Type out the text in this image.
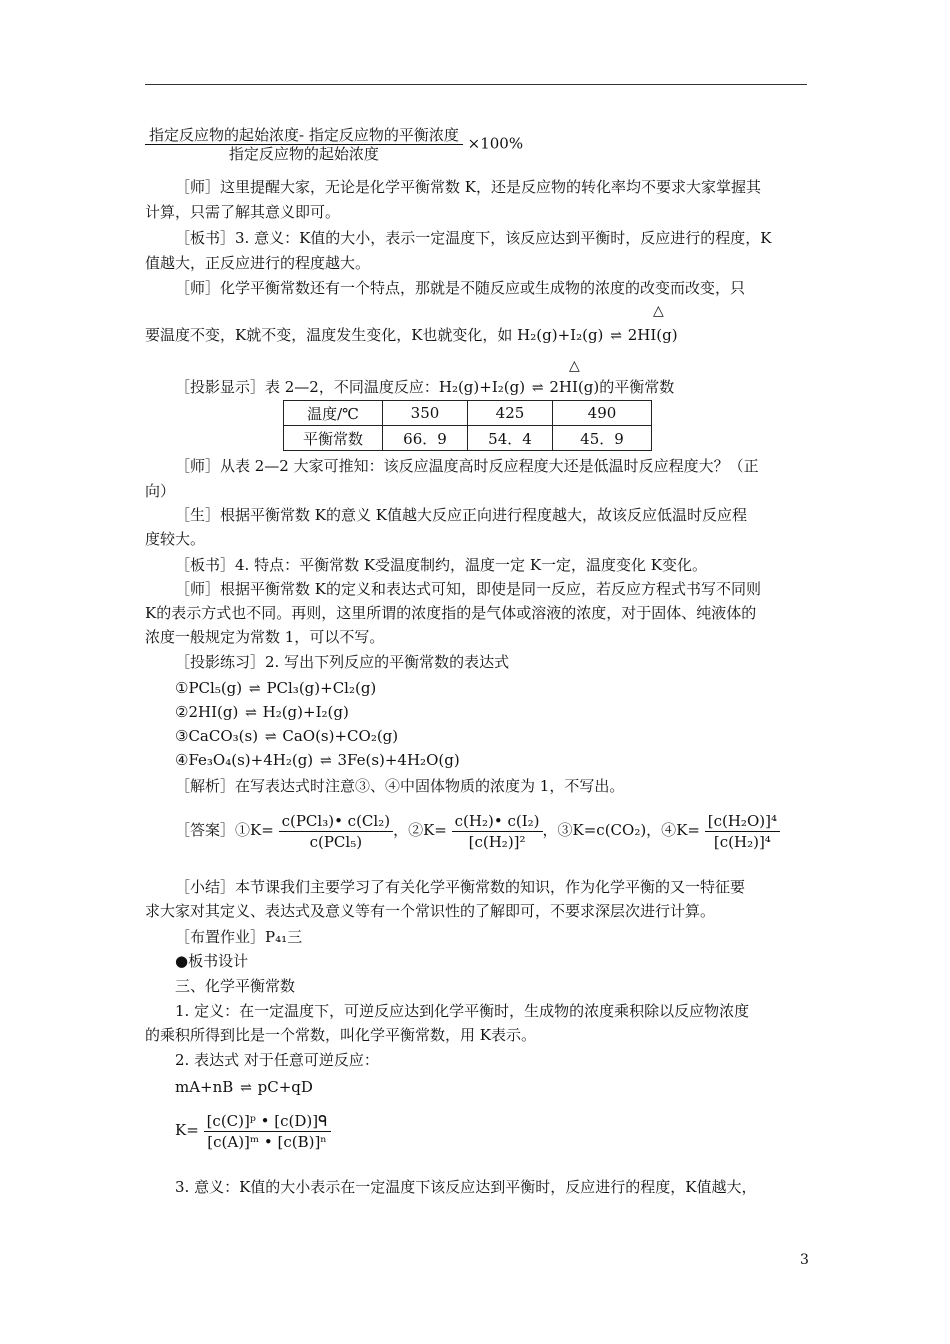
$\frac{\text{指定反应物的起始浓度- 指定反应物的平衡浓度}}{\text{指定反应物的起始浓度}} \times 100\%$
［师］这里提醒大家，无论是化学平衡常数 K，还是反应物的转化率均不要求大家掌握其
计算，只需了解其意义即可。
［板书］3. 意义：K值的大小，表示一定温度下，该反应达到平衡时，反应进行的程度，K
值越大，正反应进行的程度越大。
［师］化学平衡常数还有一个特点，那就是不随反应或生成物的浓度的改变而改变，只
△
要温度不变，K就不变，温度发生变化，K也就变化，如 H₂(g)+I₂(g) ⇌ 2HI(g)
△
［投影显示］表 2—2，不同温度反应：H₂(g)+I₂(g) ⇌ 2HI(g)的平衡常数
温度/℃	350	425	490
平衡常数	66．9	54．4	45．9
［师］从表 2—2 大家可推知：该反应温度高时反应程度大还是低温时反应程度大？（正
向）
［生］根据平衡常数 K的意义 K值越大反应正向进行程度越大，故该反应低温时反应程
度较大。
［板书］4. 特点：平衡常数 K受温度制约，温度一定 K一定，温度变化 K变化。
［师］根据平衡常数 K的定义和表达式可知，即使是同一反应，若反应方程式书写不同则
K的表示方式也不同。再则，这里所谓的浓度指的是气体或溶液的浓度，对于固体、纯液体的
浓度一般规定为常数 1，可以不写。
［投影练习］2. 写出下列反应的平衡常数的表达式
①PCl₅(g) ⇌ PCl₃(g)+Cl₂(g)
②2HI(g) ⇌ H₂(g)+I₂(g)
③CaCO₃(s) ⇌ CaO(s)+CO₂(g)
④Fe₃O₄(s)+4H₂(g) ⇌ 3Fe(s)+4H₂O(g)
［解析］在写表达式时注意③、④中固体物质的浓度为 1，不写出。
［答案］①K=
c(PCl₃)• c(Cl₂)
c(PCl₅)
，②K= $\frac{\text{c(H₂)• c(I₂)}}{\text{[c(H₂)]²}}$ ，③K=c(CO₂)，④K= $\frac{\text{[c(H₂O)]⁴}}{\text{[c(H₂)]⁴}}$
［小结］本节课我们主要学习了有关化学平衡常数的知识，作为化学平衡的又一特征要
求大家对其定义、表达式及意义等有一个常识性的了解即可，不要求深层次进行计算。
［布置作业］P₄₁三
●板书设计
三、化学平衡常数
1. 定义：在一定温度下，可逆反应达到化学平衡时，生成物的浓度乘积除以反应物浓度
的乘积所得到比是一个常数，叫化学平衡常数，用 K表示。
2. 表达式 对于任意可逆反应：
mA+nB ⇌ pC+qD
K=
[c(C)]ᵖ • [c(D)]ᑫ
[c(A)]ᵐ • [c(B)]ⁿ
3. 意义：K值的大小表示在一定温度下该反应达到平衡时，反应进行的程度，K值越大，
3
